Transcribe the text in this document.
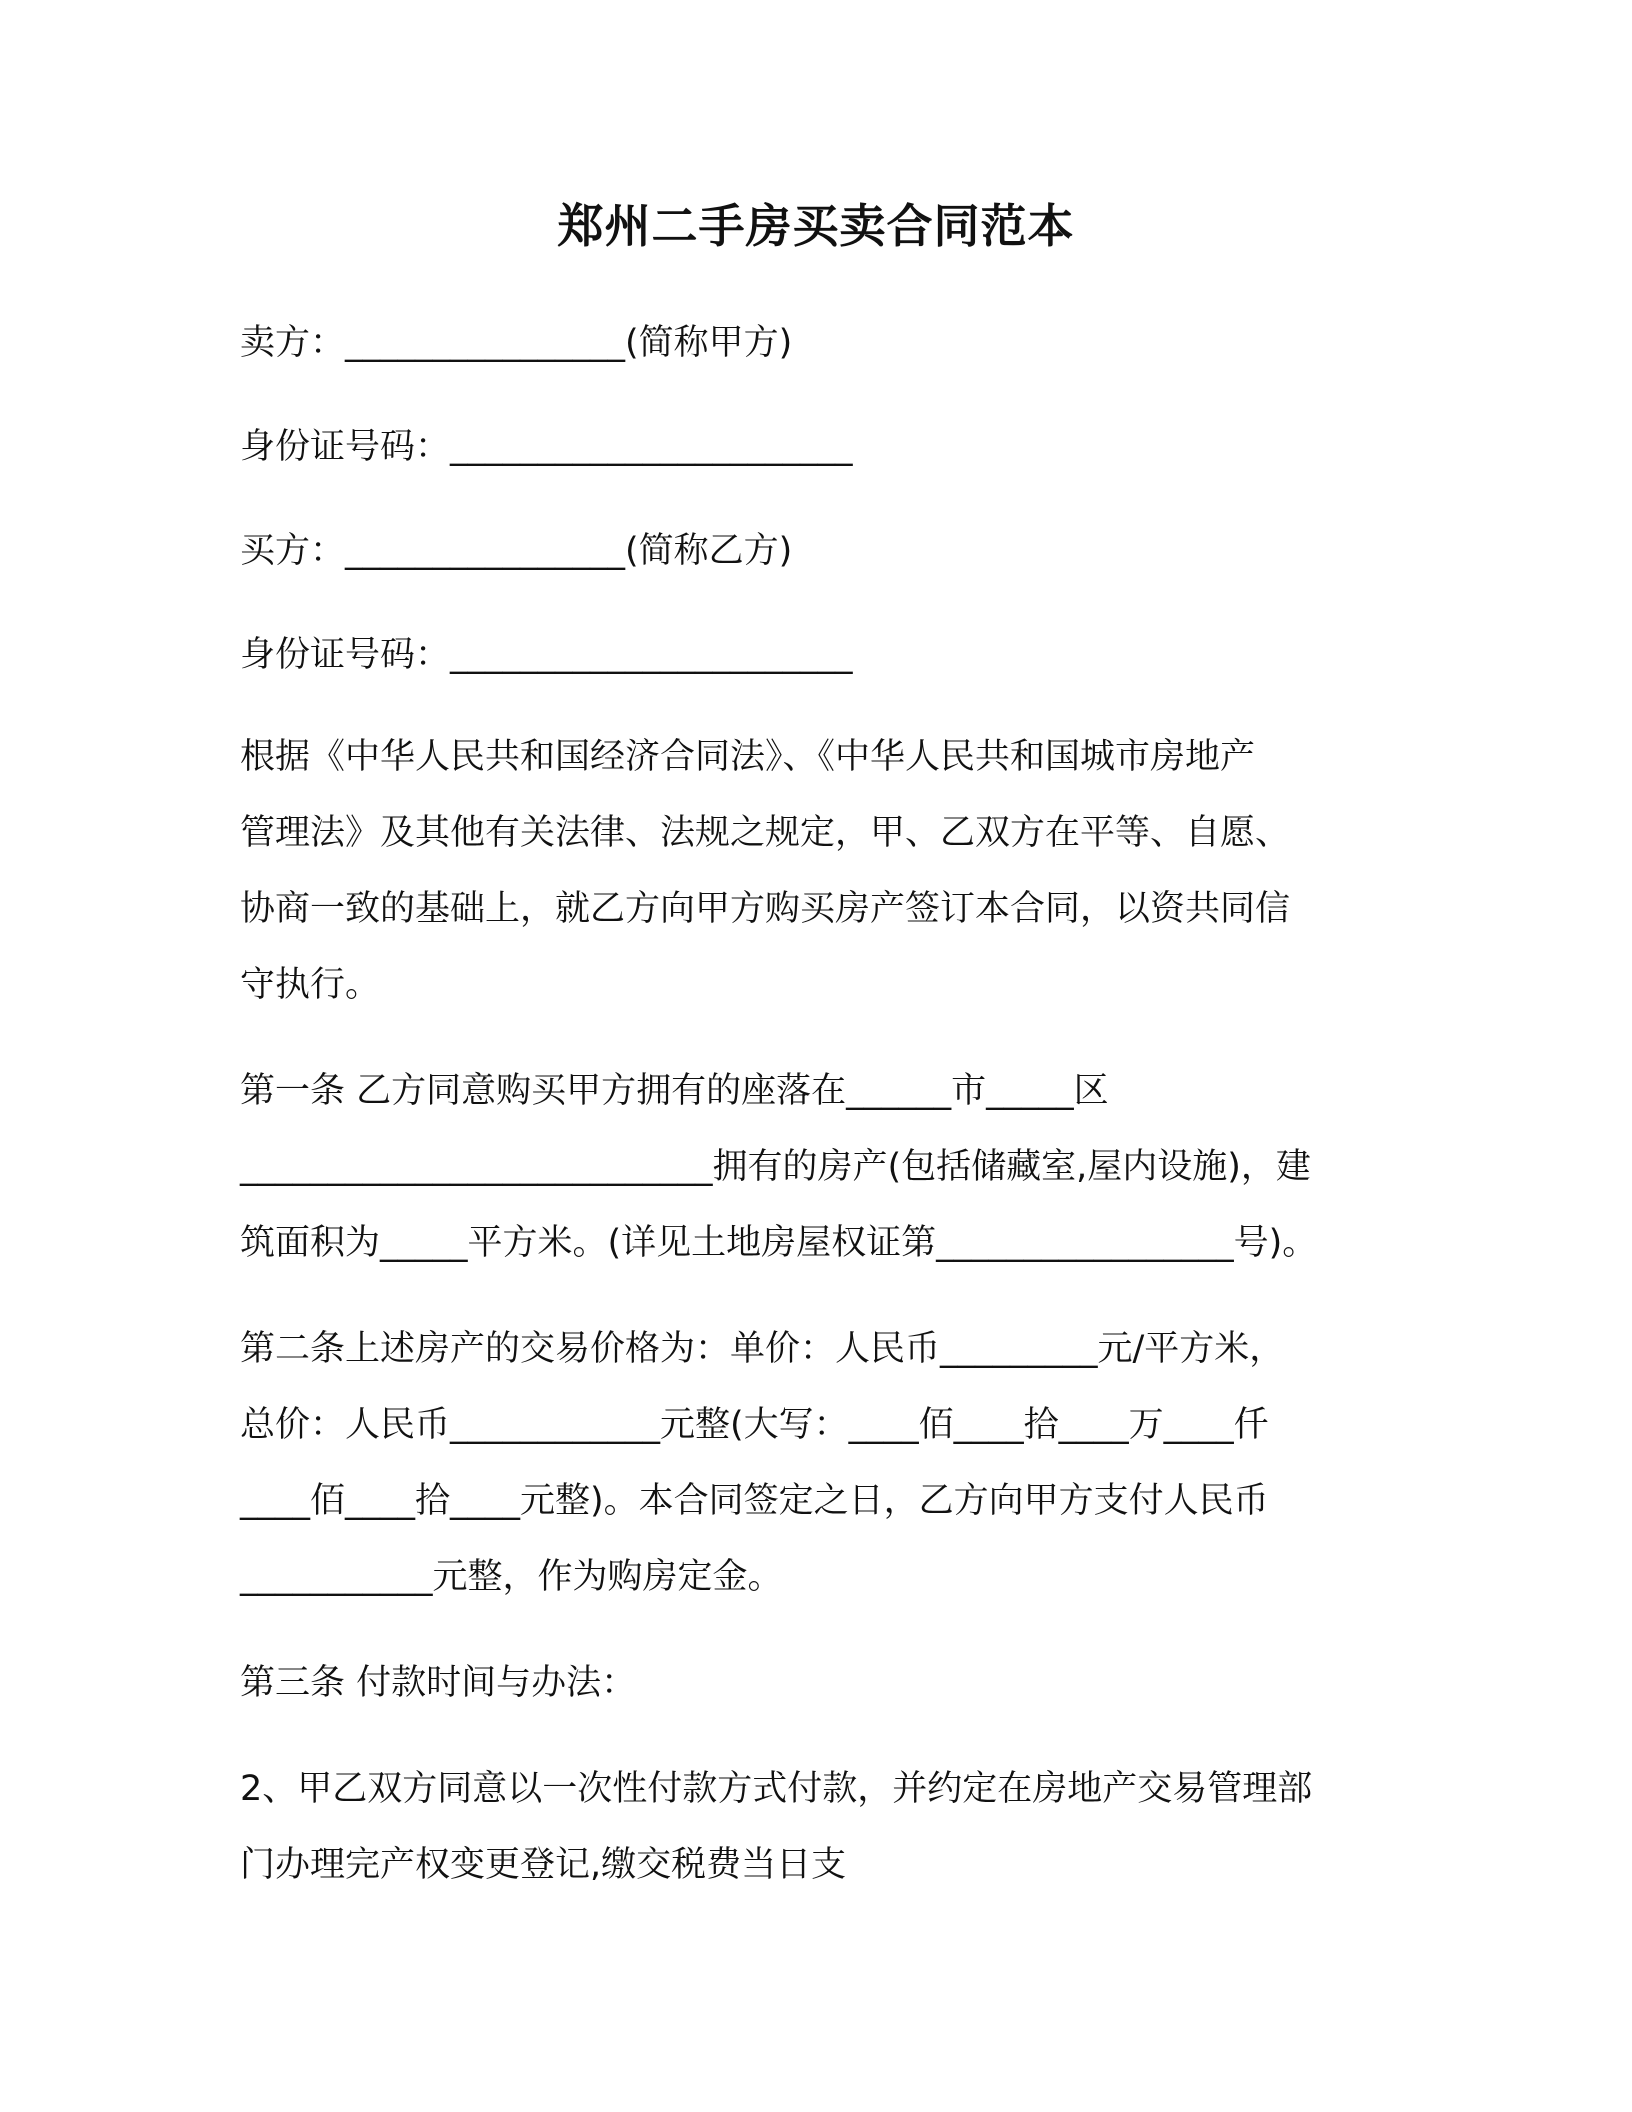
郑州二手房买卖合同范本
卖方：________________(简称甲方)
身份证号码：_______________________
买方：________________(简称乙方)
身份证号码：_______________________
根据《中华人民共和国经济合同法》、《中华人民共和国城市房地产
管理法》及其他有关法律、法规之规定，甲、乙双方在平等、自愿、
协商一致的基础上，就乙方向甲方购买房产签订本合同，以资共同信
守执行。
第一条 乙方同意购买甲方拥有的座落在______市_____区
___________________________拥有的房产(包括储藏室,屋内设施)，建
筑面积为_____平方米。(详见土地房屋权证第_________________号)。
第二条上述房产的交易价格为：单价：人民币_________元/平方米，
总价：人民币____________元整(大写：____佰____拾____万____仟
____佰____拾____元整)。本合同签定之日，乙方向甲方支付人民币
___________元整，作为购房定金。
第三条 付款时间与办法：
2、甲乙双方同意以一次性付款方式付款，并约定在房地产交易管理部
门办理完产权变更登记,缴交税费当日支
